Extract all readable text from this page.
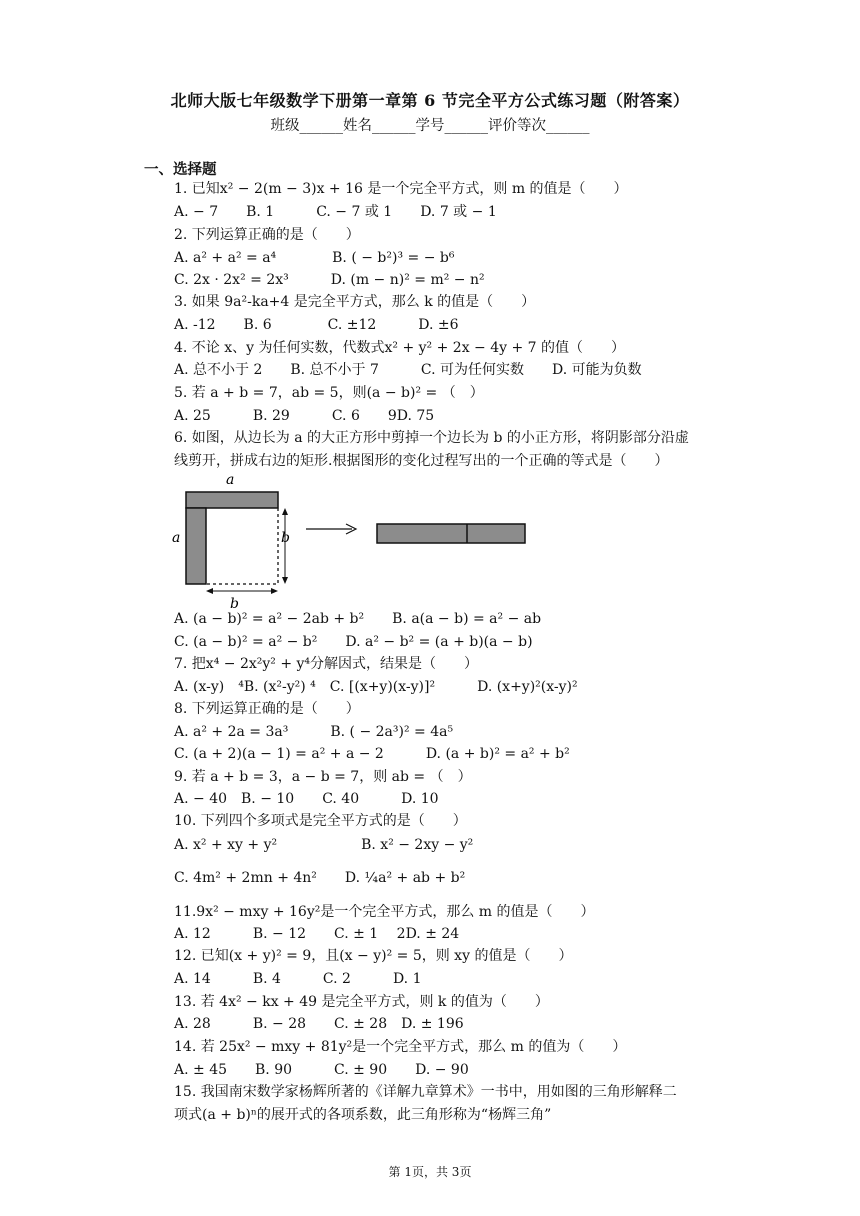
北师大版七年级数学下册第一章第 6 节完全平方公式练习题（附答案）
班级______姓名______学号______评价等次______
一、选择题
1. 已知x² − 2(m − 3)x + 16 是一个完全平方式，则 m 的值是（　　）
A. − 7　　B. 1　　　C. − 7 或 1　　D. 7 或 − 1
2. 下列运算正确的是（　　）
A. a² + a² = a⁴　　　　B. ( − b²)³ = − b⁶
C. 2x · 2x² = 2x³　　　D. (m − n)² = m² − n²
3. 如果 9a²-ka+4 是完全平方式，那么 k 的值是（　　）
A. -12　　B. 6　　　　C. ±12　　　D. ±6
4. 不论 x、y 为任何实数，代数式x² + y² + 2x − 4y + 7 的值（　　）
A. 总不小于 2　　B. 总不小于 7　　　C. 可为任何实数　　D. 可能为负数
5. 若 a + b = 7，ab = 5，则(a − b)² = （　）
A. 25　　　B. 29　　　C. 6　　9D. 75
6. 如图，从边长为 a 的大正方形中剪掉一个边长为 b 的小正方形，将阴影部分沿虚
线剪开，拼成右边的矩形.根据图形的变化过程写出的一个正确的等式是（　　）
a
a	b
b
A. (a − b)² = a² − 2ab + b²　　B. a(a − b) = a² − ab
C. (a − b)² = a² − b²　　D. a² − b² = (a + b)(a − b)
7. 把x⁴ − 2x²y² + y⁴分解因式，结果是（　　）
A. (x-y)　⁴B. (x²-y²) ⁴　C. [(x+y)(x-y)]²　　　D. (x+y)²(x-y)²
8. 下列运算正确的是（　　）
A. a² + 2a = 3a³　　　B. ( − 2a³)² = 4a⁵
C. (a + 2)(a − 1) = a² + a − 2　　　D. (a + b)² = a² + b²
9. 若 a + b = 3，a − b = 7，则 ab = （　）
A. − 40　B. − 10　　C. 40　　　D. 10
10. 下列四个多项式是完全平方式的是（　　）
A. x² + xy + y²　　　　　　B. x² − 2xy − y²
C. 4m² + 2mn + 4n²　　D. ¼a² + ab + b²
11.9x² − mxy + 16y²是一个完全平方式，那么 m 的值是（　　）
A. 12　　　B. − 12　　C. ± 1　 2D. ± 24
12. 已知(x + y)² = 9，且(x − y)² = 5，则 xy 的值是（　　）
A. 14　　　B. 4　　　C. 2　　　D. 1
13. 若 4x² − kx + 49 是完全平方式，则 k 的值为（　　）
A. 28　　　B. − 28　　C. ± 28　D. ± 196
14. 若 25x² − mxy + 81y²是一个完全平方式，那么 m 的值为（　　）
A. ± 45　　B. 90　　　C. ± 90　　D. − 90
15. 我国南宋数学家杨辉所著的《详解九章算术》一书中，用如图的三角形解释二
项式(a + b)ⁿ的展开式的各项系数，此三角形称为“杨辉三角”
第 1页，共 3页
